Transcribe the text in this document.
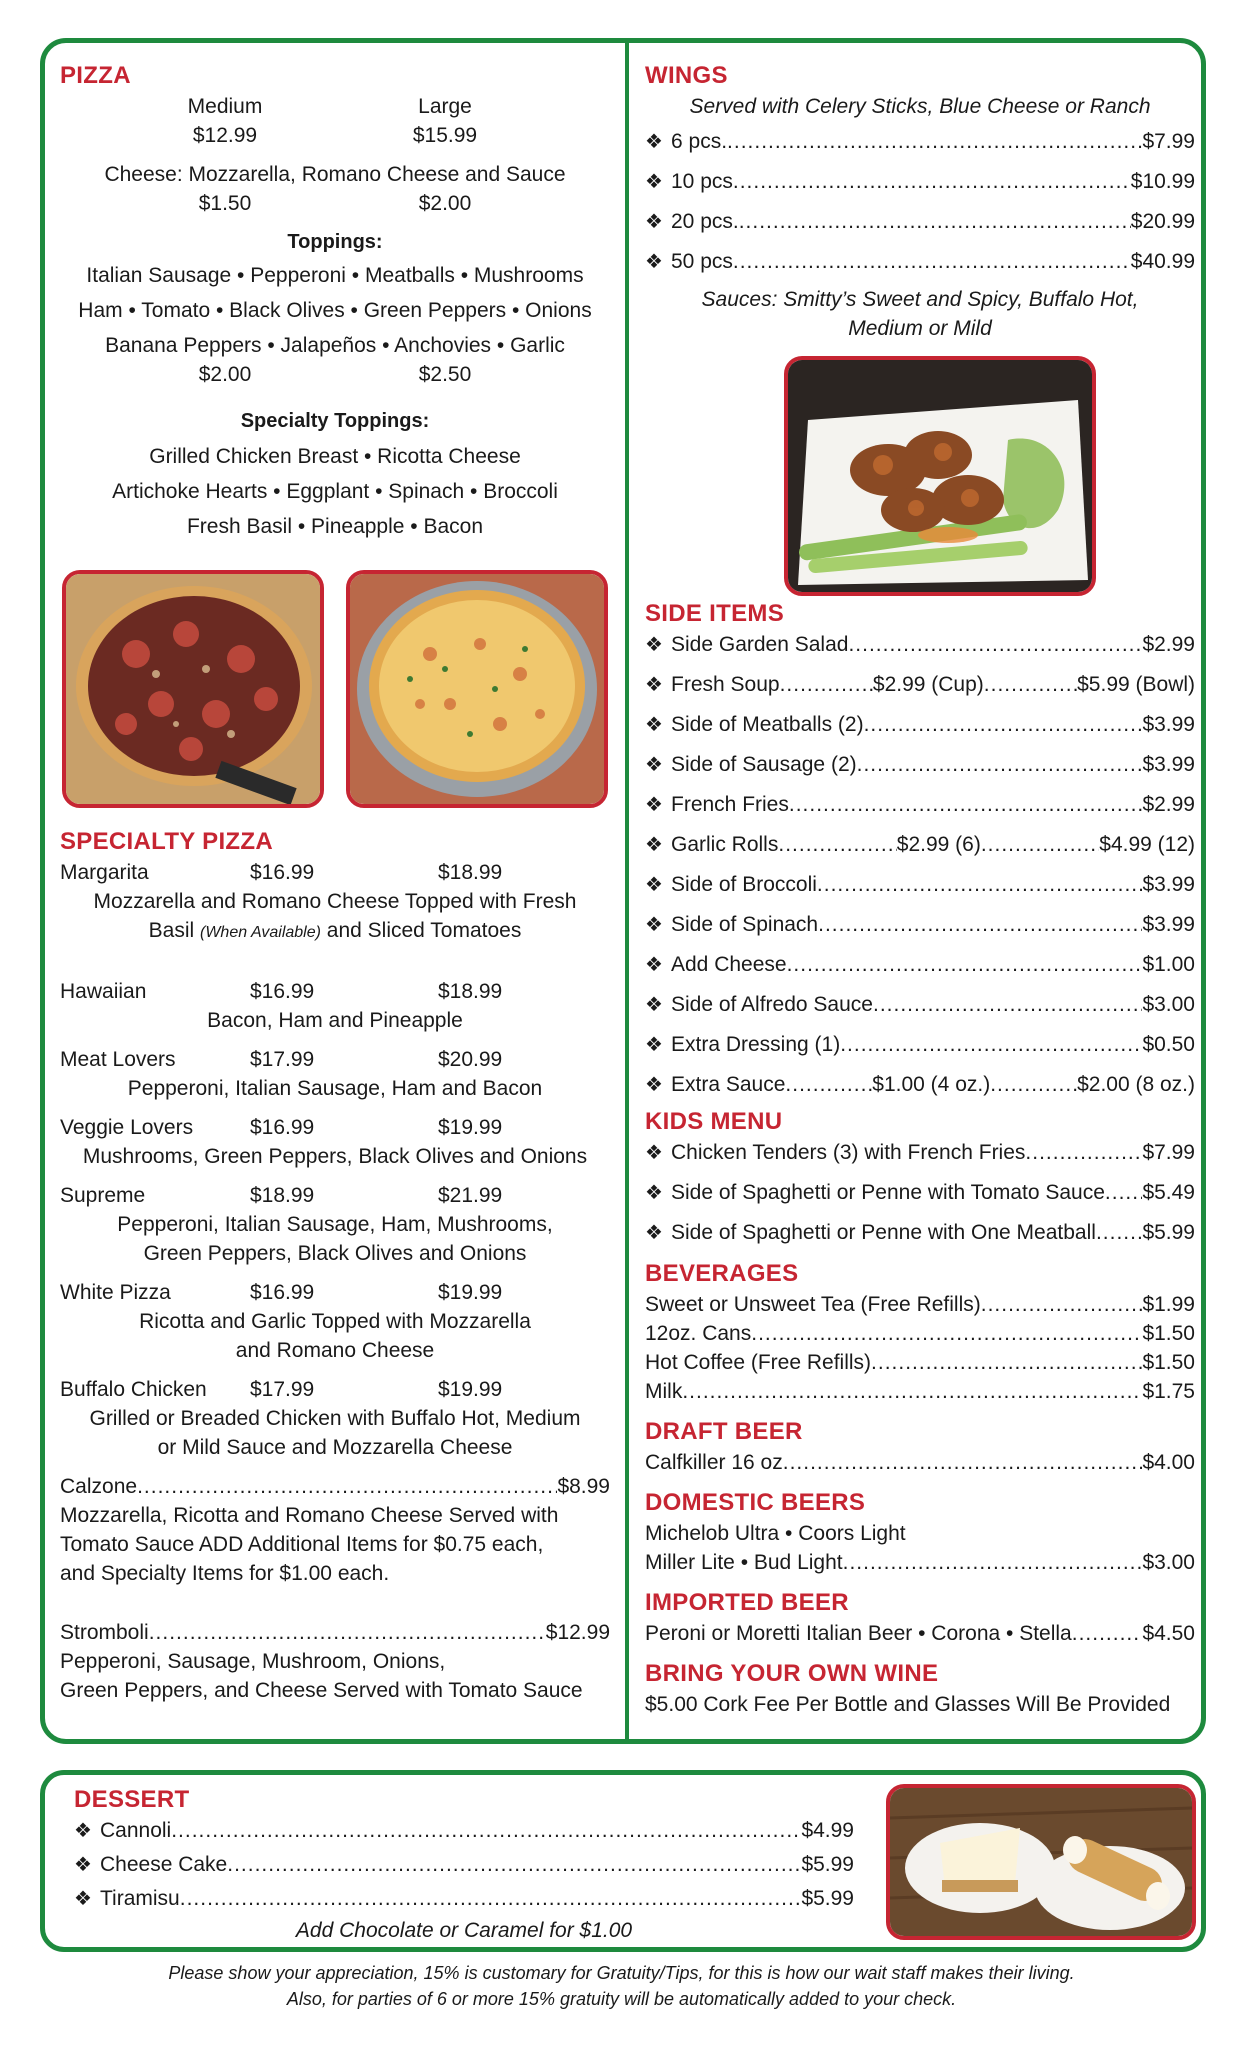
PIZZA
Medium	Large
$12.99	$15.99
Cheese: Mozzarella, Romano Cheese and Sauce
$1.50	$2.00
Toppings:
Italian Sausage • Pepperoni • Meatballs • Mushrooms
Ham • Tomato • Black Olives • Green Peppers • Onions
Banana Peppers • Jalapeños • Anchovies • Garlic
$2.00	$2.50
Specialty Toppings:
Grilled Chicken Breast • Ricotta Cheese
Artichoke Hearts • Eggplant • Spinach • Broccoli
Fresh Basil • Pineapple • Bacon
SPECIALTY PIZZA
Margarita	$16.99	$18.99
Mozzarella and Romano Cheese Topped with Fresh
Basil (When Available) and Sliced Tomatoes
Hawaiian	$16.99	$18.99
Bacon, Ham and Pineapple
Meat Lovers	$17.99	$20.99
Pepperoni, Italian Sausage, Ham and Bacon
Veggie Lovers	$16.99	$19.99
Mushrooms, Green Peppers, Black Olives and Onions
Supreme	$18.99	$21.99
Pepperoni, Italian Sausage, Ham, Mushrooms,
Green Peppers, Black Olives and Onions
White Pizza	$16.99	$19.99
Ricotta and Garlic Topped with Mozzarella
and Romano Cheese
Buffalo Chicken	$17.99	$19.99
Grilled or Breaded Chicken with Buffalo Hot, Medium
or Mild Sauce and Mozzarella Cheese
Calzone .....	$8.99
Mozzarella, Ricotta and Romano Cheese Served with
Tomato Sauce ADD Additional Items for $0.75 each,
and Specialty Items for $1.00 each.
Stromboli .....	$12.99
Pepperoni, Sausage, Mushroom, Onions,
Green Peppers, and Cheese Served with Tomato Sauce
WINGS
Served with Celery Sticks, Blue Cheese or Ranch
❖ 6 pcs. .....	$7.99
❖ 10 pcs .....	$10.99
❖ 20 pcs. .....	$20.99
❖ 50 pcs .....	$40.99
Sauces: Smitty’s Sweet and Spicy, Buffalo Hot,
Medium or Mild
SIDE ITEMS
❖ Side Garden Salad .....	$2.99
❖ Fresh Soup .....	$2.99 (Cup) .....	$5.99 (Bowl)
❖ Side of Meatballs (2) .....	$3.99
❖ Side of Sausage (2) .....	$3.99
❖ French Fries .....	$2.99
❖ Garlic Rolls .....	$2.99 (6) .....	$4.99 (12)
❖ Side of Broccoli .....	$3.99
❖ Side of Spinach .....	$3.99
❖ Add Cheese .....	$1.00
❖ Side of Alfredo Sauce .....	$3.00
❖ Extra Dressing (1) .....	$0.50
❖ Extra Sauce .....	$1.00 (4 oz.) .....	$2.00 (8 oz.)
KIDS MENU
❖ Chicken Tenders (3) with French Fries .....	$7.99
❖ Side of Spaghetti or Penne with Tomato Sauce ..... $5.49
❖ Side of Spaghetti or Penne with One Meatball ..... $5.99
BEVERAGES
Sweet or Unsweet Tea (Free Refills) .....	$1.99
12oz. Cans .....	$1.50
Hot Coffee (Free Refills) .....	$1.50
Milk .....	$1.75
DRAFT BEER
Calfkiller 16 oz .....	$4.00
DOMESTIC BEERS
Michelob Ultra • Coors Light
Miller Lite • Bud Light .....	$3.00
IMPORTED BEER
Peroni or Moretti Italian Beer • Corona • Stella .....	$4.50
BRING YOUR OWN WINE
$5.00 Cork Fee Per Bottle and Glasses Will Be Provided
DESSERT
❖ Cannoli .....	$4.99
❖ Cheese Cake .....	$5.99
❖ Tiramisu .....	$5.99
Add Chocolate or Caramel for $1.00
Please show your appreciation, 15% is customary for Gratuity/Tips, for this is how our wait staff makes their living.
Also, for parties of 6 or more 15% gratuity will be automatically added to your check.
